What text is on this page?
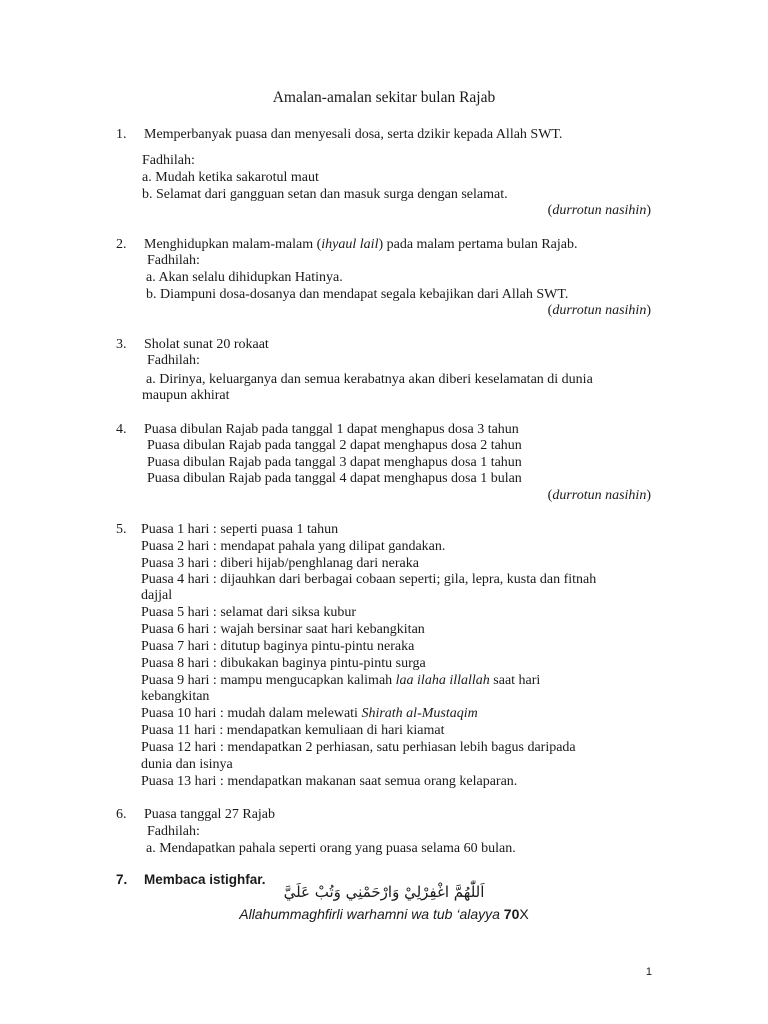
Amalan-amalan sekitar bulan Rajab
1. Memperbanyak puasa dan menyesali dosa, serta dzikir kepada Allah SWT.
Fadhilah:
a. Mudah ketika sakarotul maut
b. Selamat dari gangguan setan dan masuk surga dengan selamat.
(durrotun nasihin)
2. Menghidupkan malam-malam (ihyaul lail) pada malam pertama bulan Rajab.
Fadhilah:
a. Akan selalu dihidupkan Hatinya.
b. Diampuni dosa-dosanya dan mendapat segala kebajikan dari Allah SWT.
(durrotun nasihin)
3. Sholat sunat 20 rokaat
Fadhilah:
a. Dirinya, keluarganya dan semua kerabatnya akan diberi keselamatan di dunia
maupun akhirat
4. Puasa dibulan Rajab pada tanggal 1 dapat menghapus dosa 3 tahun
Puasa dibulan Rajab pada tanggal 2 dapat menghapus dosa 2 tahun
Puasa dibulan Rajab pada tanggal 3 dapat menghapus dosa 1 tahun
Puasa dibulan Rajab pada tanggal 4 dapat menghapus dosa 1 bulan
(durrotun nasihin)
5. Puasa 1 hari : seperti puasa 1 tahun
Puasa 2 hari : mendapat pahala yang dilipat gandakan.
Puasa 3 hari : diberi hijab/penghlanag dari neraka
Puasa 4 hari : dijauhkan dari berbagai cobaan seperti; gila, lepra, kusta dan fitnah
dajjal
Puasa 5 hari : selamat dari siksa kubur
Puasa 6 hari : wajah bersinar saat hari kebangkitan
Puasa 7 hari : ditutup baginya pintu-pintu neraka
Puasa 8 hari : dibukakan baginya pintu-pintu surga
Puasa 9 hari : mampu mengucapkan kalimah laa ilaha illallah saat hari
kebangkitan
Puasa 10 hari : mudah dalam melewati Shirath al-Mustaqim
Puasa 11 hari : mendapatkan kemuliaan di hari kiamat
Puasa 12 hari : mendapatkan 2 perhiasan, satu perhiasan lebih bagus daripada
dunia dan isinya
Puasa 13 hari : mendapatkan makanan saat semua orang kelaparan.
6. Puasa tanggal 27 Rajab
Fadhilah:
a. Mendapatkan pahala seperti orang yang puasa selama 60 bulan.
7. Membaca istighfar.
اَللّٰهُمَّ اغْفِرْلِيْ وَارْحَمْنِي وَتُبْ عَلَيَّ
Allahummaghfirli warhamni wa tub ‘alayya 70X
1
